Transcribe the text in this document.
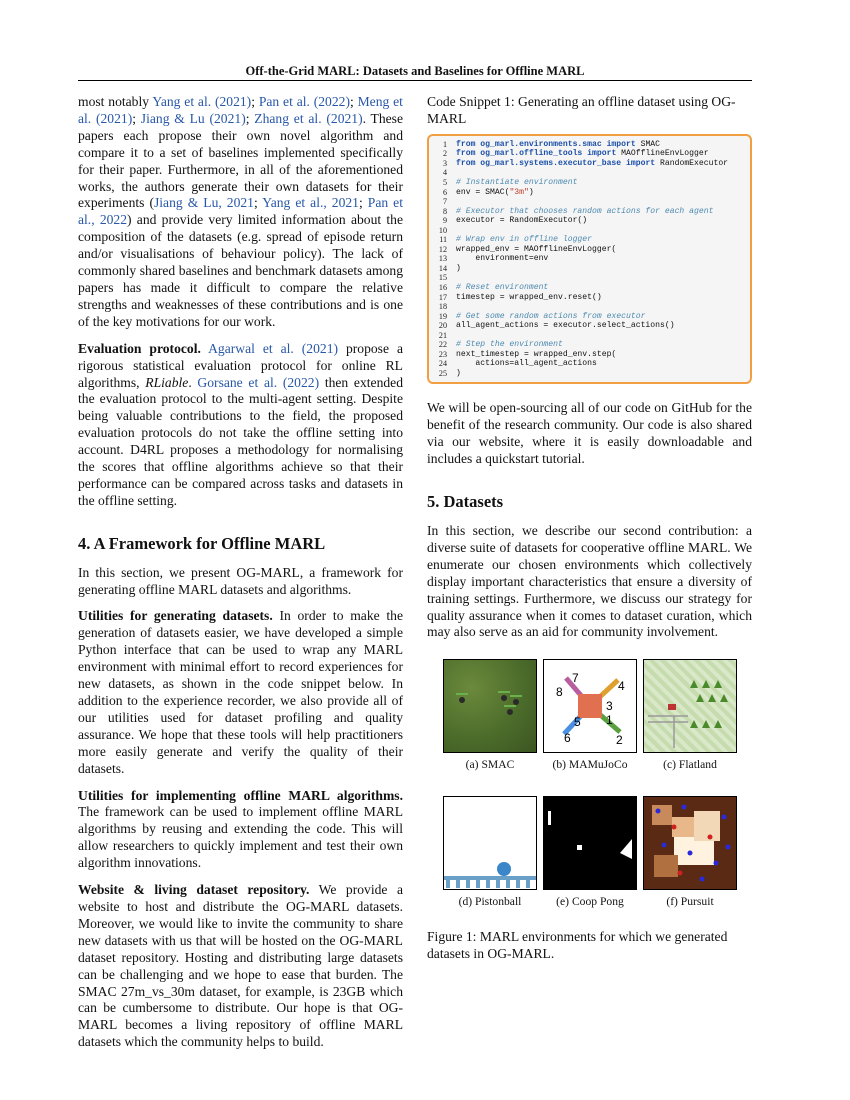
Off-the-Grid MARL: Datasets and Baselines for Offline MARL

most notably Yang et al. (2021); Pan et al. (2022); Meng et al. (2021); Jiang & Lu (2021); Zhang et al. (2021). These papers each propose their own novel algorithm and compare it to a set of baselines implemented specifically for their paper. Furthermore, in all of the aforementioned works, the authors generate their own datasets for their experiments (Jiang & Lu, 2021; Yang et al., 2021; Pan et al., 2022) and provide very limited information about the composition of the datasets (e.g. spread of episode return and/or visualisations of behaviour policy). The lack of commonly shared baselines and benchmark datasets among papers has made it difficult to compare the relative strengths and weaknesses of these contributions and is one of the key motivations for our work.

Evaluation protocol. Agarwal et al. (2021) propose a rigorous statistical evaluation protocol for online RL algorithms, RLiable. Gorsane et al. (2022) then extended the evaluation protocol to the multi-agent setting. Despite being valuable contributions to the field, the proposed evaluation protocols do not take the offline setting into account. D4RL proposes a methodology for normalising the scores that offline algorithms achieve so that their performance can be compared across tasks and datasets in the offline setting.

4. A Framework for Offline MARL

In this section, we present OG-MARL, a framework for generating offline MARL datasets and algorithms.

Utilities for generating datasets. In order to make the generation of datasets easier, we have developed a simple Python interface that can be used to wrap any MARL environment with minimal effort to record experiences for new datasets, as shown in the code snippet below. In addition to the experience recorder, we also provide all of our utilities used for dataset profiling and quality assurance. We hope that these tools will help practitioners more easily generate and verify the quality of their datasets.

Utilities for implementing offline MARL algorithms. The framework can be used to implement offline MARL algorithms by reusing and extending the code. This will allow researchers to quickly implement and test their own algorithm innovations.

Website & living dataset repository. We provide a website to host and distribute the OG-MARL datasets. Moreover, we would like to invite the community to share new datasets with us that will be hosted on the OG-MARL dataset repository. Hosting and distributing large datasets can be challenging and we hope to ease that burden. The SMAC 27m_vs_30m dataset, for example, is 23GB which can be cumbersome to distribute. Our hope is that OG-MARL becomes a living repository of offline MARL datasets which the community helps to build.

Code Snippet 1: Generating an offline dataset using OG-MARL
1 from og_marl.environments.smac import SMAC
2 from og_marl.offline_tools import MAOfflineEnvLogger
3 from og_marl.systems.executor_base import RandomExecutor
4
5 # Instantiate environment
6 env = SMAC( "3m" )
7
8 # Executor that chooses random actions for each agent
9 executor = RandomExecutor()
10
11 # Wrap env in offline logger
12 wrapped_env = MAOfflineEnvLogger(
13 environment=env
14 )
15
16 # Reset environment
17 timestep = wrapped_env.reset()
18
19 # Get some random actions from executor
20 all_agent_actions = executor.select_actions()
21
22 # Step the environment
23 next_timestep = wrapped_env.step(
24 actions=all_agent_actions
25 )

We will be open-sourcing all of our code on GitHub for the benefit of the research community. Our code is also shared via our website, where it is easily downloadable and includes a quickstart tutorial.

5. Datasets

In this section, we describe our second contribution: a diverse suite of datasets for cooperative offline MARL. We enumerate our chosen environments which collectively display important characteristics that ensure a diversity of training settings. Furthermore, we discuss our strategy for quality assurance when it comes to dataset curation, which may also serve as an aid for community involvement.

(a) SMAC
7
8	4
3
1
5
6	2
(b) MAMuJoCo	(c) Flatland
(d) Pistonball	(e) Coop Pong	(f) Pursuit

Figure 1: MARL environments for which we generated datasets in OG-MARL.
